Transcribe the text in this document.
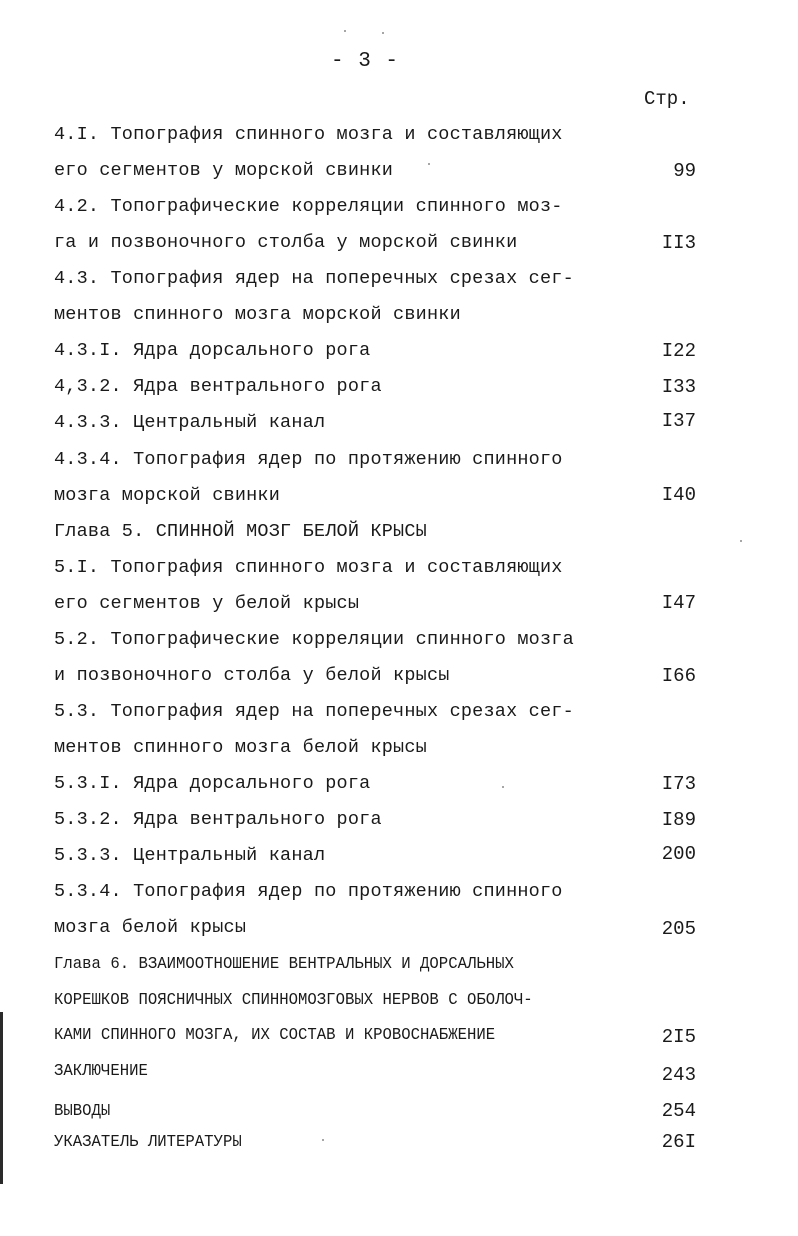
- 3 -
Стр.
4.I. Топография спинного мозга и составляющих
его сегментов у морской свинки	99
4.2. Топографические корреляции спинного моз-
га и позвоночного столба у морской свинки	II3
4.3. Топография ядер на поперечных срезах сег-
ментов спинного мозга морской свинки
4.3.I. Ядра дорсального рога	I22
4,3.2. Ядра вентрального рога	I33
4.3.3. Центральный канал	I37
4.3.4. Топография ядер по протяжению спинного
мозга морской свинки	I40
Глава 5. СПИННОЙ МОЗГ БЕЛОЙ КРЫСЫ
5.I. Топография спинного мозга и составляющих
его сегментов у белой крысы	I47
5.2. Топографические корреляции спинного мозга
и позвоночного столба у белой крысы	I66
5.3. Топография ядер на поперечных срезах сег-
ментов спинного мозга белой крысы
5.3.I. Ядра дорсального рога	I73
5.3.2. Ядра вентрального рога	I89
5.3.3. Центральный канал	200
5.3.4. Топография ядер по протяжению спинного
мозга белой крысы	205
Глава 6. ВЗАИМООТНОШЕНИЕ ВЕНТРАЛЬНЫХ И ДОРСАЛЬНЫХ
КОРЕШКОВ ПОЯСНИЧНЫХ СПИННОМОЗГОВЫХ НЕРВОВ С ОБОЛОЧ-
КАМИ СПИННОГО МОЗГА, ИХ СОСТАВ И КРОВОСНАБЖЕНИЕ	2I5
ЗАКЛЮЧЕНИЕ	243
ВЫВОДЫ	254
УКАЗАТЕЛЬ ЛИТЕРАТУРЫ	26I
